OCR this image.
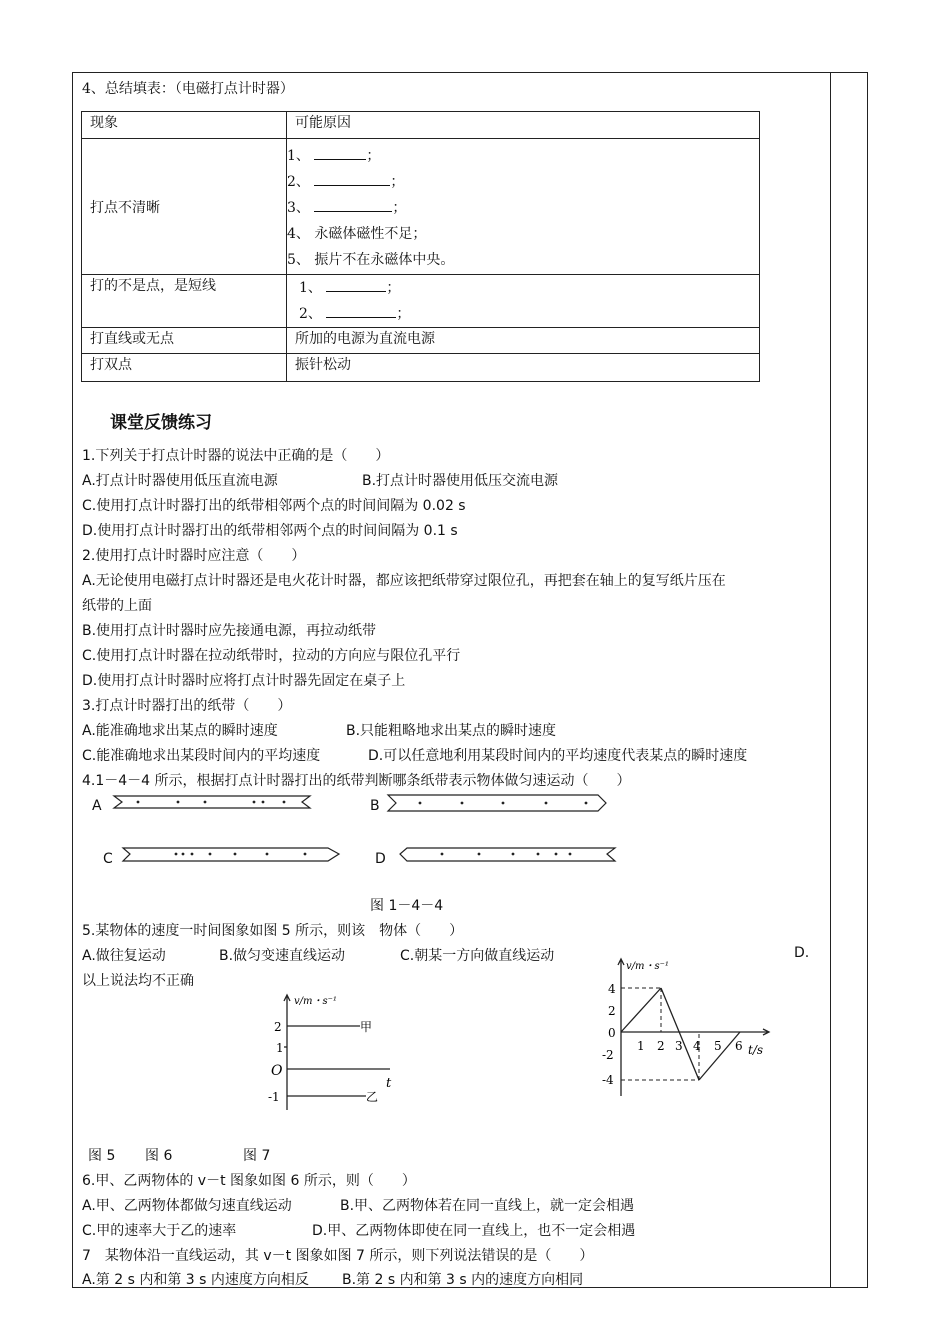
4、总结填表：（电磁打点计时器）
现象	可能原因
打点不清晰	1、 ；
2、 ；
3、 ；
4、 永磁体磁性不足；
5、 振片不在永磁体中央。

打的不是点，是短线	1、 ；
2、 ；

打直线或无点	所加的电源为直流电源
打双点	振针松动
课堂反馈练习
1.下列关于打点计时器的说法中正确的是（　　）
A.打点计时器使用低压直流电源	B.打点计时器使用低压交流电源
C.使用打点计时器打出的纸带相邻两个点的时间间隔为 0.02 s
D.使用打点计时器打出的纸带相邻两个点的时间间隔为 0.1 s
2.使用打点计时器时应注意（　　）
A.无论使用电磁打点计时器还是电火花计时器，都应该把纸带穿过限位孔，再把套在轴上的复写纸片压在
纸带的上面
B.使用打点计时器时应先接通电源，再拉动纸带
C.使用打点计时器在拉动纸带时，拉动的方向应与限位孔平行
D.使用打点计时器时应将打点计时器先固定在桌子上
3.打点计时器打出的纸带（　　）
A.能准确地求出某点的瞬时速度	B.只能粗略地求出某点的瞬时速度
C.能准确地求出某段时间内的平均速度	D.可以任意地利用某段时间内的平均速度代表某点的瞬时速度
4.1－4－4 所示，根据打点计时器打出的纸带判断哪条纸带表示物体做匀速运动（　　）
A	B
C	D
图 1－4－4
5.某物体的速度一时间图象如图 5 所示，则该　物体（　　）
A.做往复运动	B.做匀变速直线运动	C.朝某一方向做直线运动	D.
以上说法均不正确
v/m・s⁻¹
t
O
2
1
-1
甲
乙
v/m・s⁻¹
t/s
4
2
0
-2
-4
1 2 3 4 5 6
图 5 图 6	图 7
6.甲、乙两物体的 v－t 图象如图 6 所示，则（　　）
A.甲、乙两物体都做匀速直线运动	B.甲、乙两物体若在同一直线上，就一定会相遇
C.甲的速率大于乙的速率	D.甲、乙两物体即使在同一直线上，也不一定会相遇
7　某物体沿一直线运动，其 v－t 图象如图 7 所示，则下列说法错误的是（　　）
A.第 2 s 内和第 3 s 内速度方向相反 B.第 2 s 内和第 3 s 内的速度方向相同
